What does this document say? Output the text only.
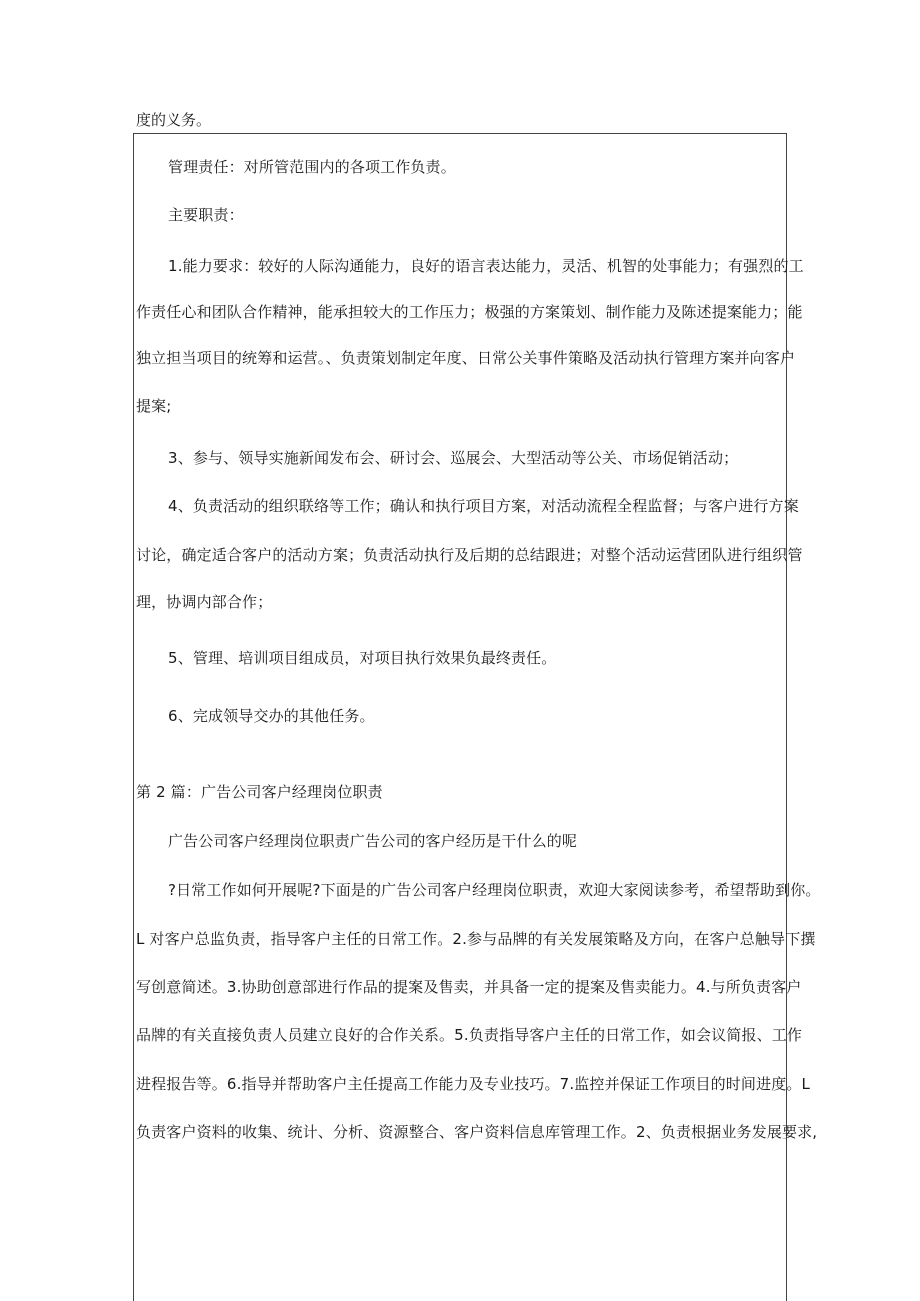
度的义务。
管理责任：对所管范围内的各项工作负责。
主要职责：
1.能力要求：较好的人际沟通能力，良好的语言表达能力，灵活、机智的处事能力；有强烈的工
作责任心和团队合作精神，能承担较大的工作压力；极强的方案策划、制作能力及陈述提案能力；能
独立担当项目的统筹和运营。、负责策划制定年度、日常公关事件策略及活动执行管理方案并向客户
提案;
3、参与、领导实施新闻发布会、研讨会、巡展会、大型活动等公关、市场促销活动；
4、负责活动的组织联络等工作；确认和执行项目方案，对活动流程全程监督；与客户进行方案
讨论，确定适合客户的活动方案；负责活动执行及后期的总结跟进；对整个活动运营团队进行组织管
理，协调内部合作；
5、管理、培训项目组成员，对项目执行效果负最终责任。
6、完成领导交办的其他任务。
第 2 篇：广告公司客户经理岗位职责
广告公司客户经理岗位职责广告公司的客户经历是干什么的呢
?日常工作如何开展呢?下面是的广告公司客户经理岗位职责，欢迎大家阅读参考，希望帮助到你。
L 对客户总监负责，指导客户主任的日常工作。2.参与品牌的有关发展策略及方向，在客户总触导下撰
写创意简述。3.协助创意部进行作品的提案及售卖，并具备一定的提案及售卖能力。4.与所负责客户
品牌的有关直接负责人员建立良好的合作关系。5.负责指导客户主任的日常工作，如会议简报、工作
进程报告等。6.指导并帮助客户主任提高工作能力及专业技巧。7.监控并保证工作项目的时间进度。L
负责客户资料的收集、统计、分析、资源整合、客户资料信息库管理工作。2、负责根据业务发展要求,
